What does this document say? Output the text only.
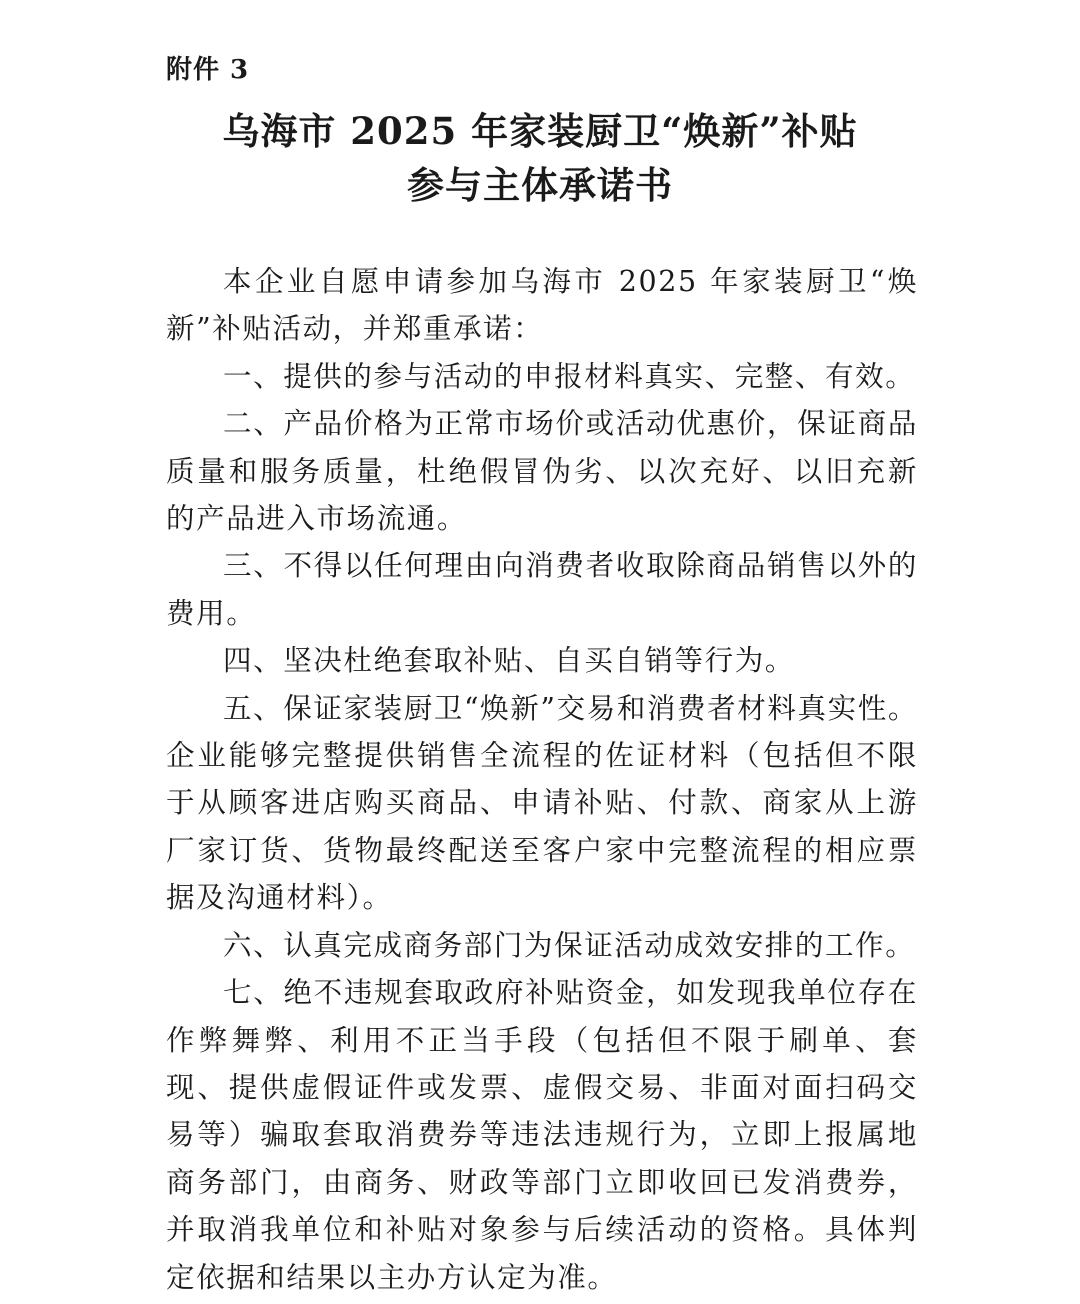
附件 3
乌海市 2025 年家装厨卫“焕新”补贴
参与主体承诺书

本企业自愿申请参加乌海市 2025 年家装厨卫“焕新”补贴活动，并郑重承诺：

一、提供的参与活动的申报材料真实、完整、有效。

二、产品价格为正常市场价或活动优惠价，保证商品质量和服务质量，杜绝假冒伪劣、以次充好、以旧充新的产品进入市场流通。

三、不得以任何理由向消费者收取除商品销售以外的费用。

四、坚决杜绝套取补贴、自买自销等行为。

五、保证家装厨卫“焕新”交易和消费者材料真实性。企业能够完整提供销售全流程的佐证材料（包括但不限于从顾客进店购买商品、申请补贴、付款、商家从上游厂家订货、货物最终配送至客户家中完整流程的相应票据及沟通材料）。

六、认真完成商务部门为保证活动成效安排的工作。

七、绝不违规套取政府补贴资金，如发现我单位存在作弊舞弊、利用不正当手段（包括但不限于刷单、套现、提供虚假证件或发票、虚假交易、非面对面扫码交易等）骗取套取消费券等违法违规行为，立即上报属地商务部门，由商务、财政等部门立即收回已发消费券，并取消我单位和补贴对象参与后续活动的资格。具体判定依据和结果以主办方认定为准。
